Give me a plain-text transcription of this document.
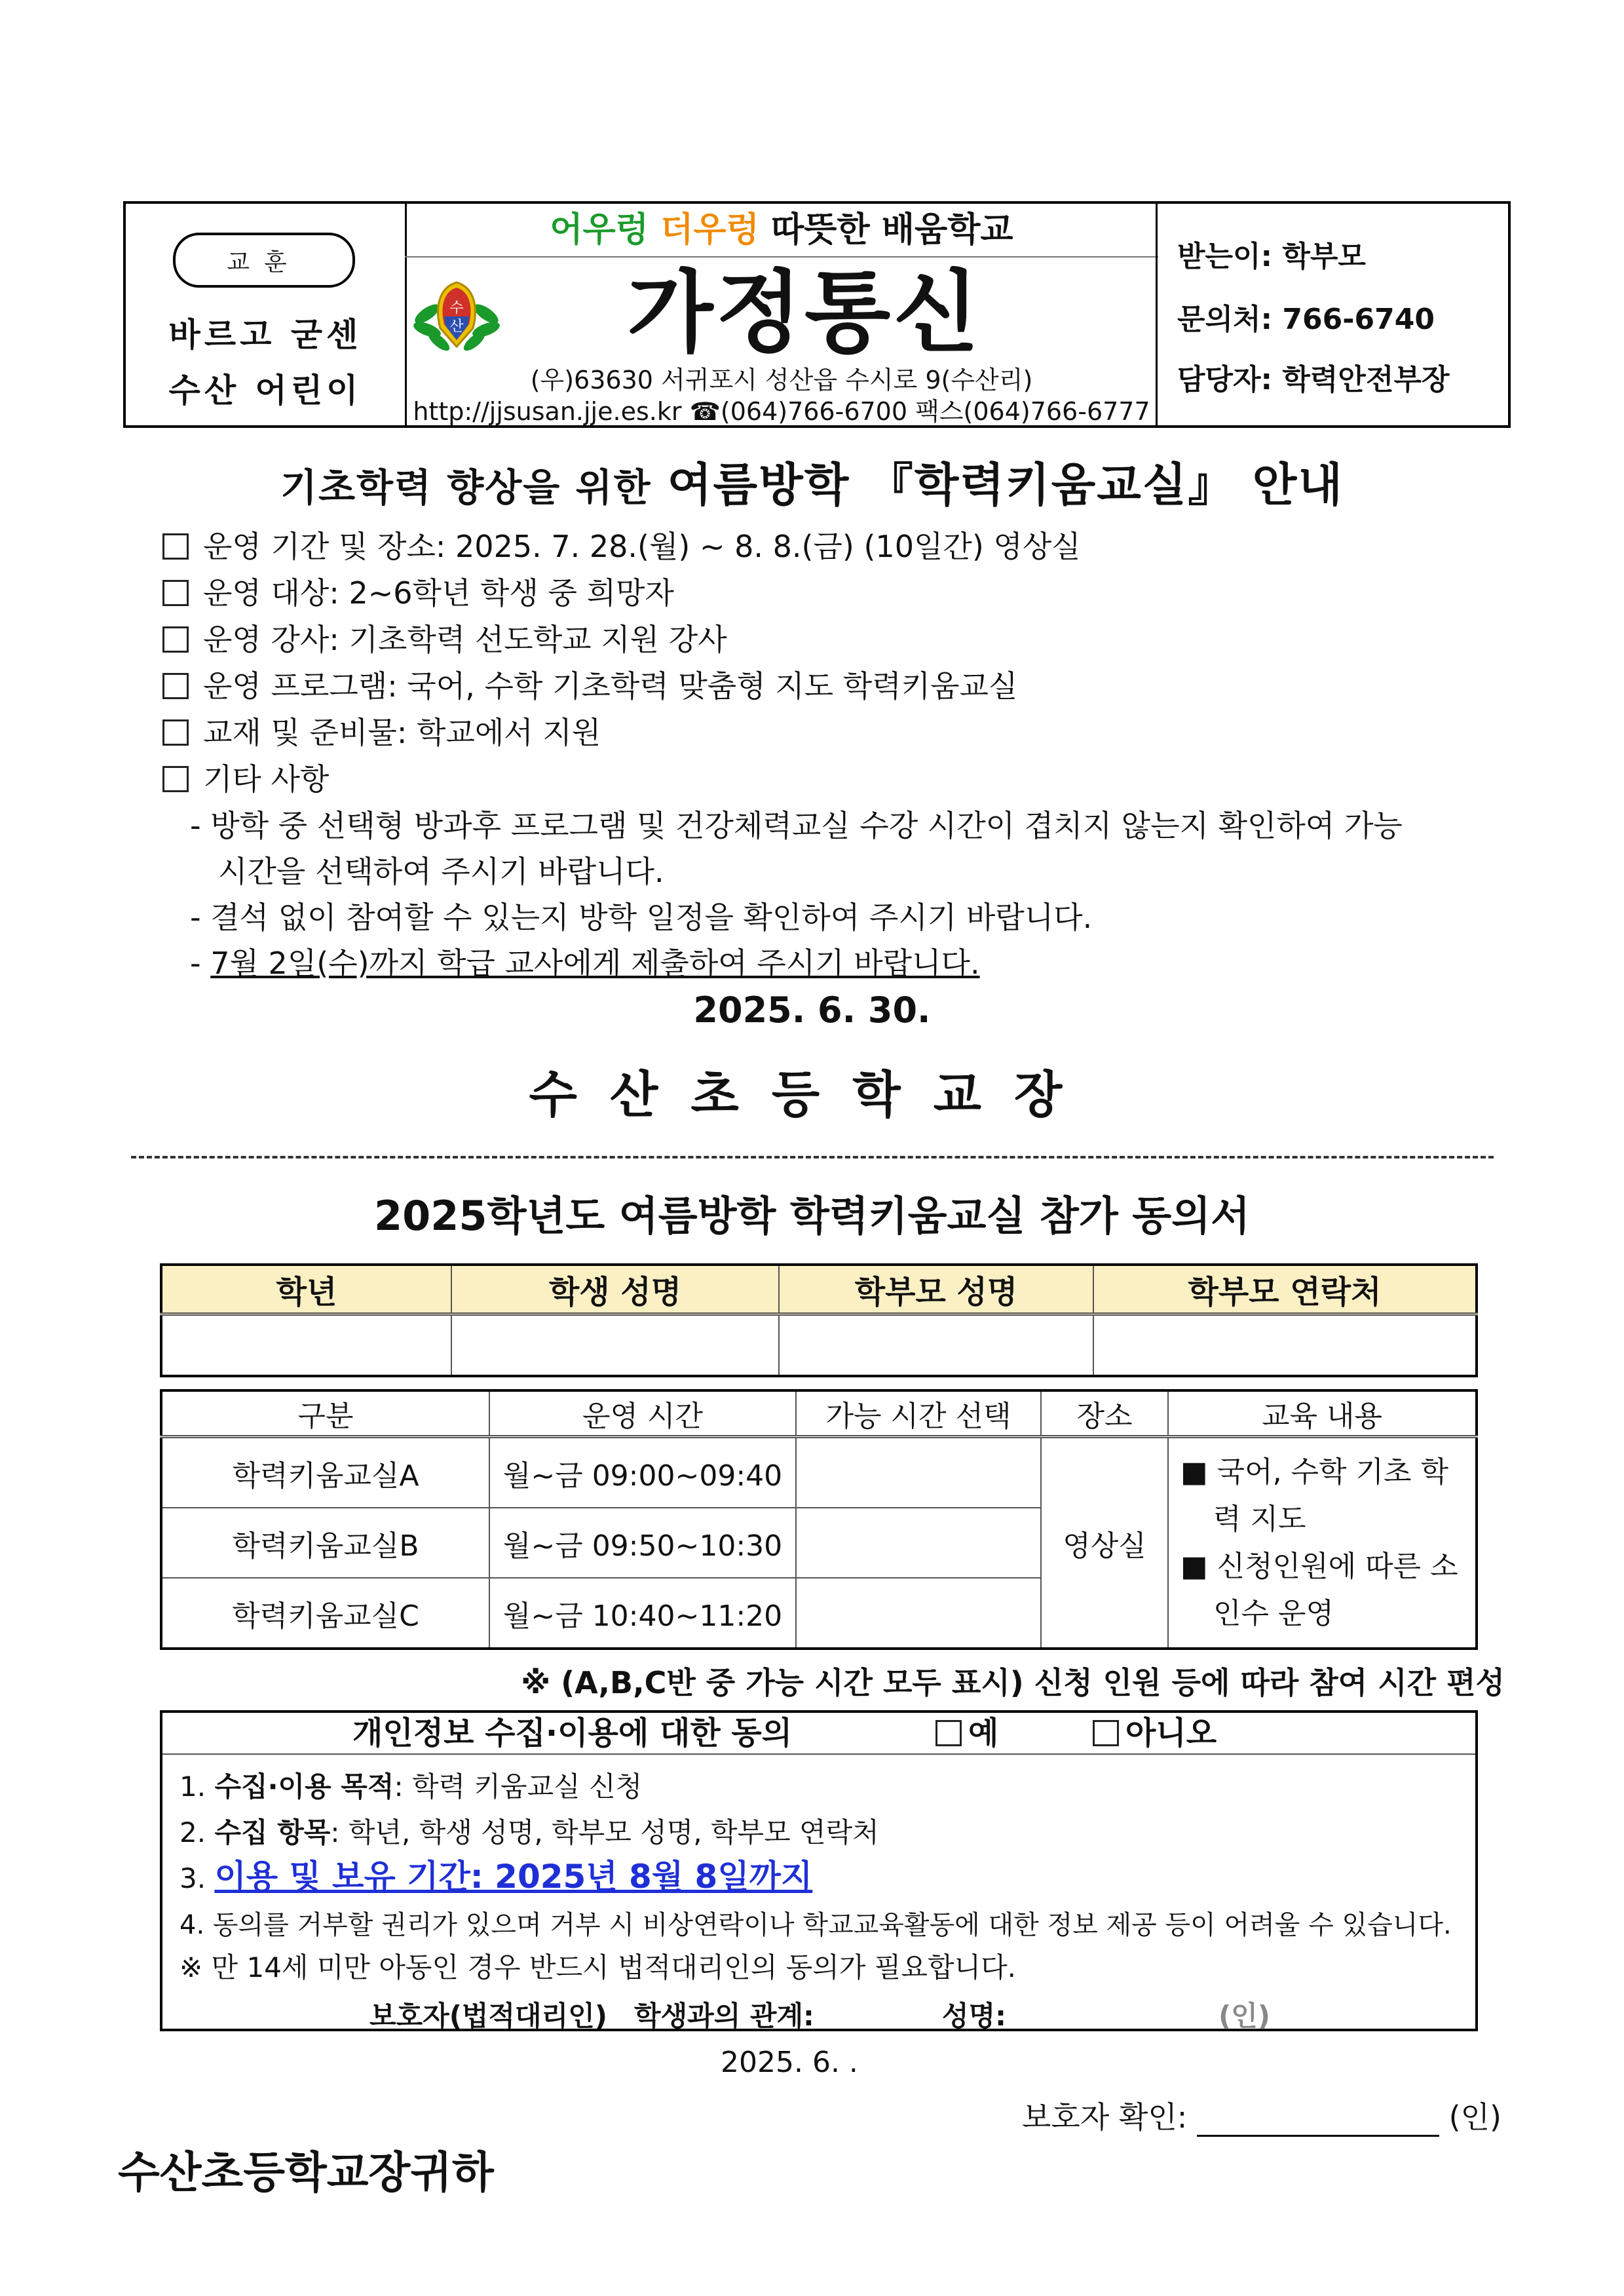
교훈
바르고 굳센
수산 어린이
어우렁 더우렁 따뜻한 배움학교
수
산	가정통신
(우)63630 서귀포시 성산읍 수시로 9(수산리)
http://jjsusan.jje.es.kr ☎(064)766-6700 팩스(064)766-6777
받는이: 학부모
문의처: 766-6740
담당자: 학력안전부장
기초학력 향상을 위한 여름방학 『학력키움교실』 안내
운영 기간 및 장소: 2025. 7. 28.(월) ~ 8. 8.(금) (10일간) 영상실
운영 대상: 2~6학년 학생 중 희망자
운영 강사: 기초학력 선도학교 지원 강사
운영 프로그램: 국어, 수학 기초학력 맞춤형 지도 학력키움교실
교재 및 준비물: 학교에서 지원
기타 사항
- 방학 중 선택형 방과후 프로그램 및 건강체력교실 수강 시간이 겹치지 않는지 확인하여 가능
시간을 선택하여 주시기 바랍니다.
- 결석 없이 참여할 수 있는지 방학 일정을 확인하여 주시기 바랍니다.
- 7월 2일(수)까지 학급 교사에게 제출하여 주시기 바랍니다.
2025. 6. 30.
수산초등학교장
2025학년도 여름방학 학력키움교실 참가 동의서
학년	학생 성명	학부모 성명	학부모 연락처

구분	운영 시간	가능 시간 선택	장소	교육 내용
학력키움교실A	월~금 09:00~09:40		영상실	■ 국어, 수학 기초 학력 지도
■ 신청인원에 따른 소인수 운영

학력키움교실B	월~금 09:50~10:30			
학력키움교실C	월~금 10:40~11:20			
※ (A,B,C반 중 가능 시간 모두 표시) 신청 인원 등에 따라 참여 시간 편성
개인정보 수집·이용에 대한 동의	예	아니오
1. 수집·이용 목적: 학력 키움교실 신청
2. 수집 항목: 학년, 학생 성명, 학부모 성명, 학부모 연락처
3. 이용 및 보유 기간: 2025년 8월 8일까지
4. 동의를 거부할 권리가 있으며 거부 시 비상연락이나 학교교육활동에 대한 정보 제공 등이 어려울 수 있습니다.
※ 만 14세 미만 아동인 경우 반드시 법적대리인의 동의가 필요합니다.
보호자(법적대리인) 학생과의 관계:	성명:	(인)
2025. 6. .
보호자 확인:	(인)
수산초등학교장귀하
